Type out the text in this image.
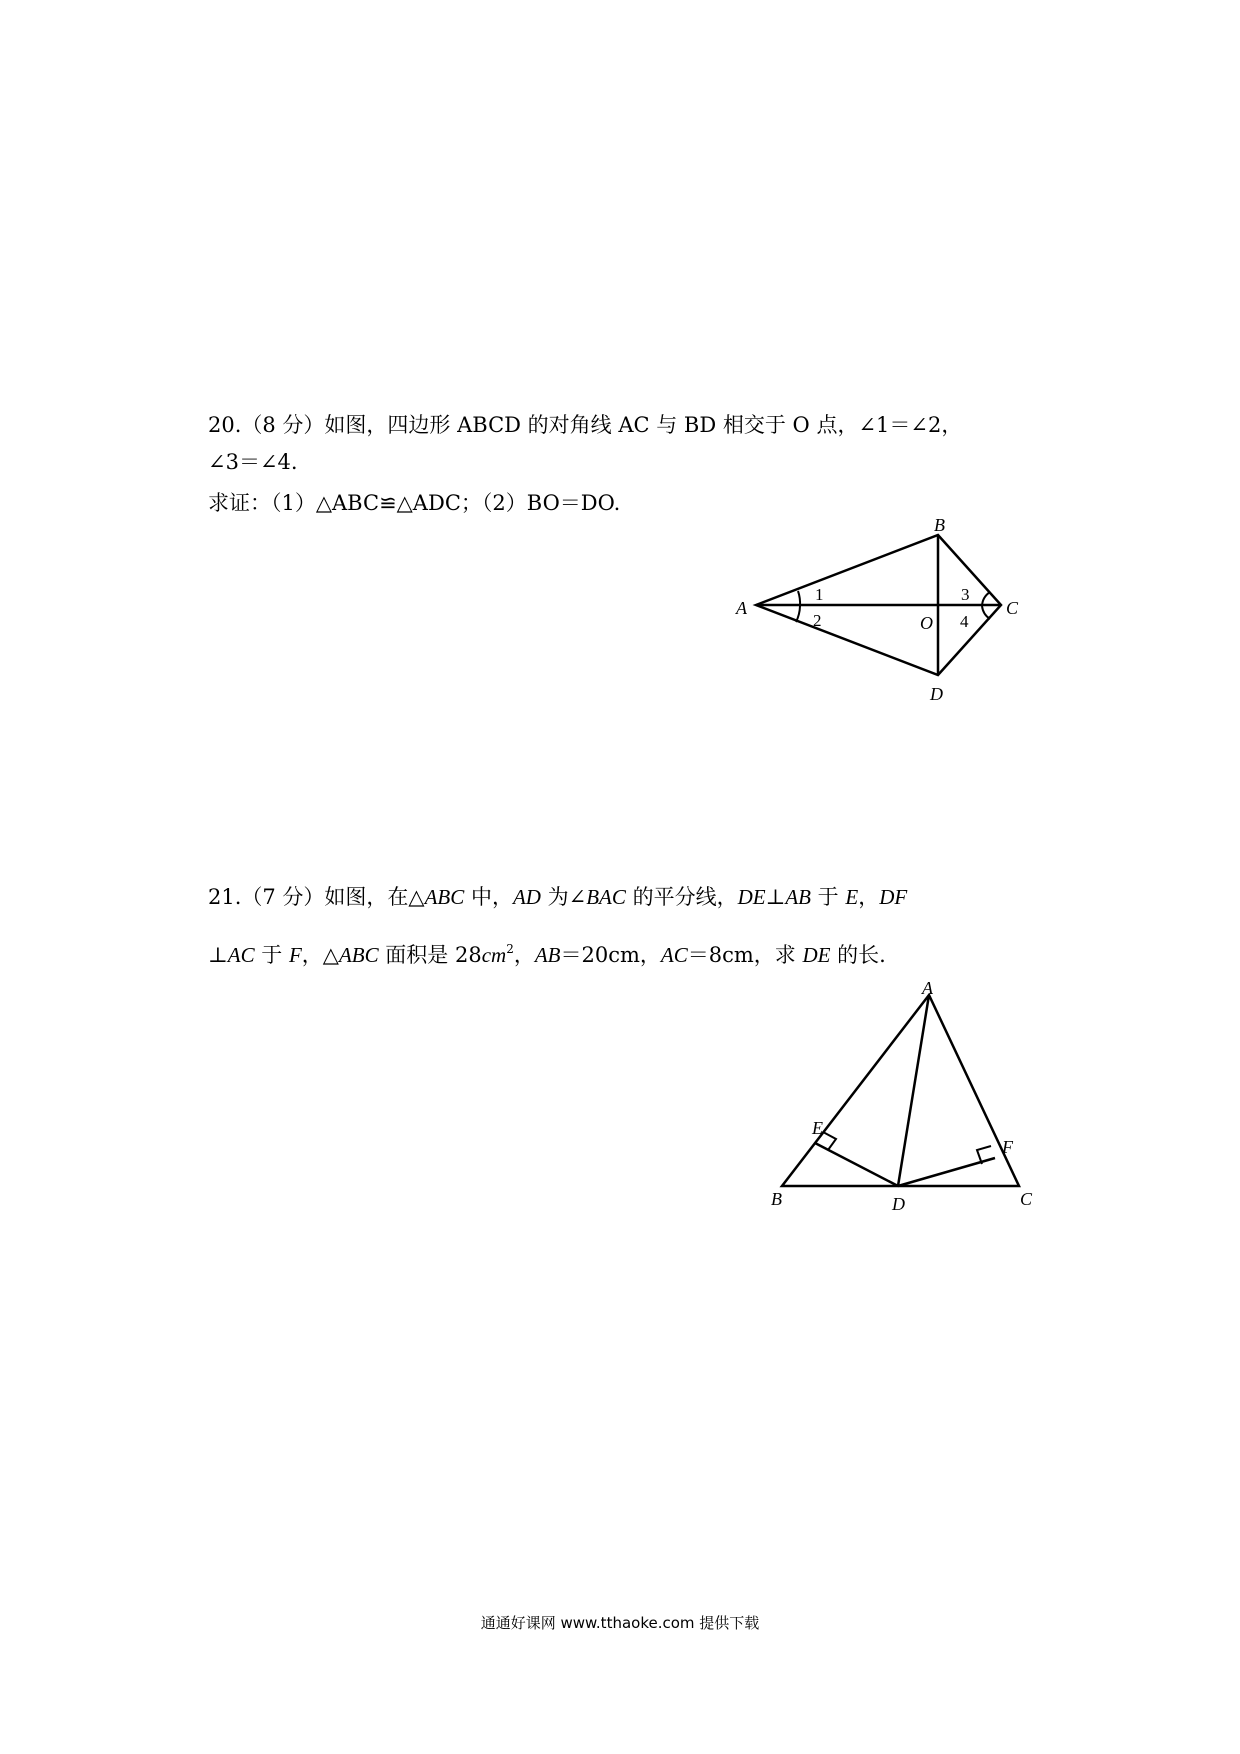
20.（8 分）如图，四边形 ABCD 的对角线 AC 与 BD 相交于 O 点，∠1＝∠2，
∠3＝∠4.
求证：（1）△ABC≌△ADC；（2）BO＝DO.
21.（7 分）如图，在△ABC 中，AD 为∠BAC 的平分线，DE⊥AB 于 E，DF
⊥AC 于 F，△ABC 面积是 $28cm^2$，AB＝20cm，AC＝8cm，求 DE 的长.
A
B
C
D
O
1
2
3
4
A
B	C
D
E
F
通通好课网 www.tthaoke.com 提供下载
